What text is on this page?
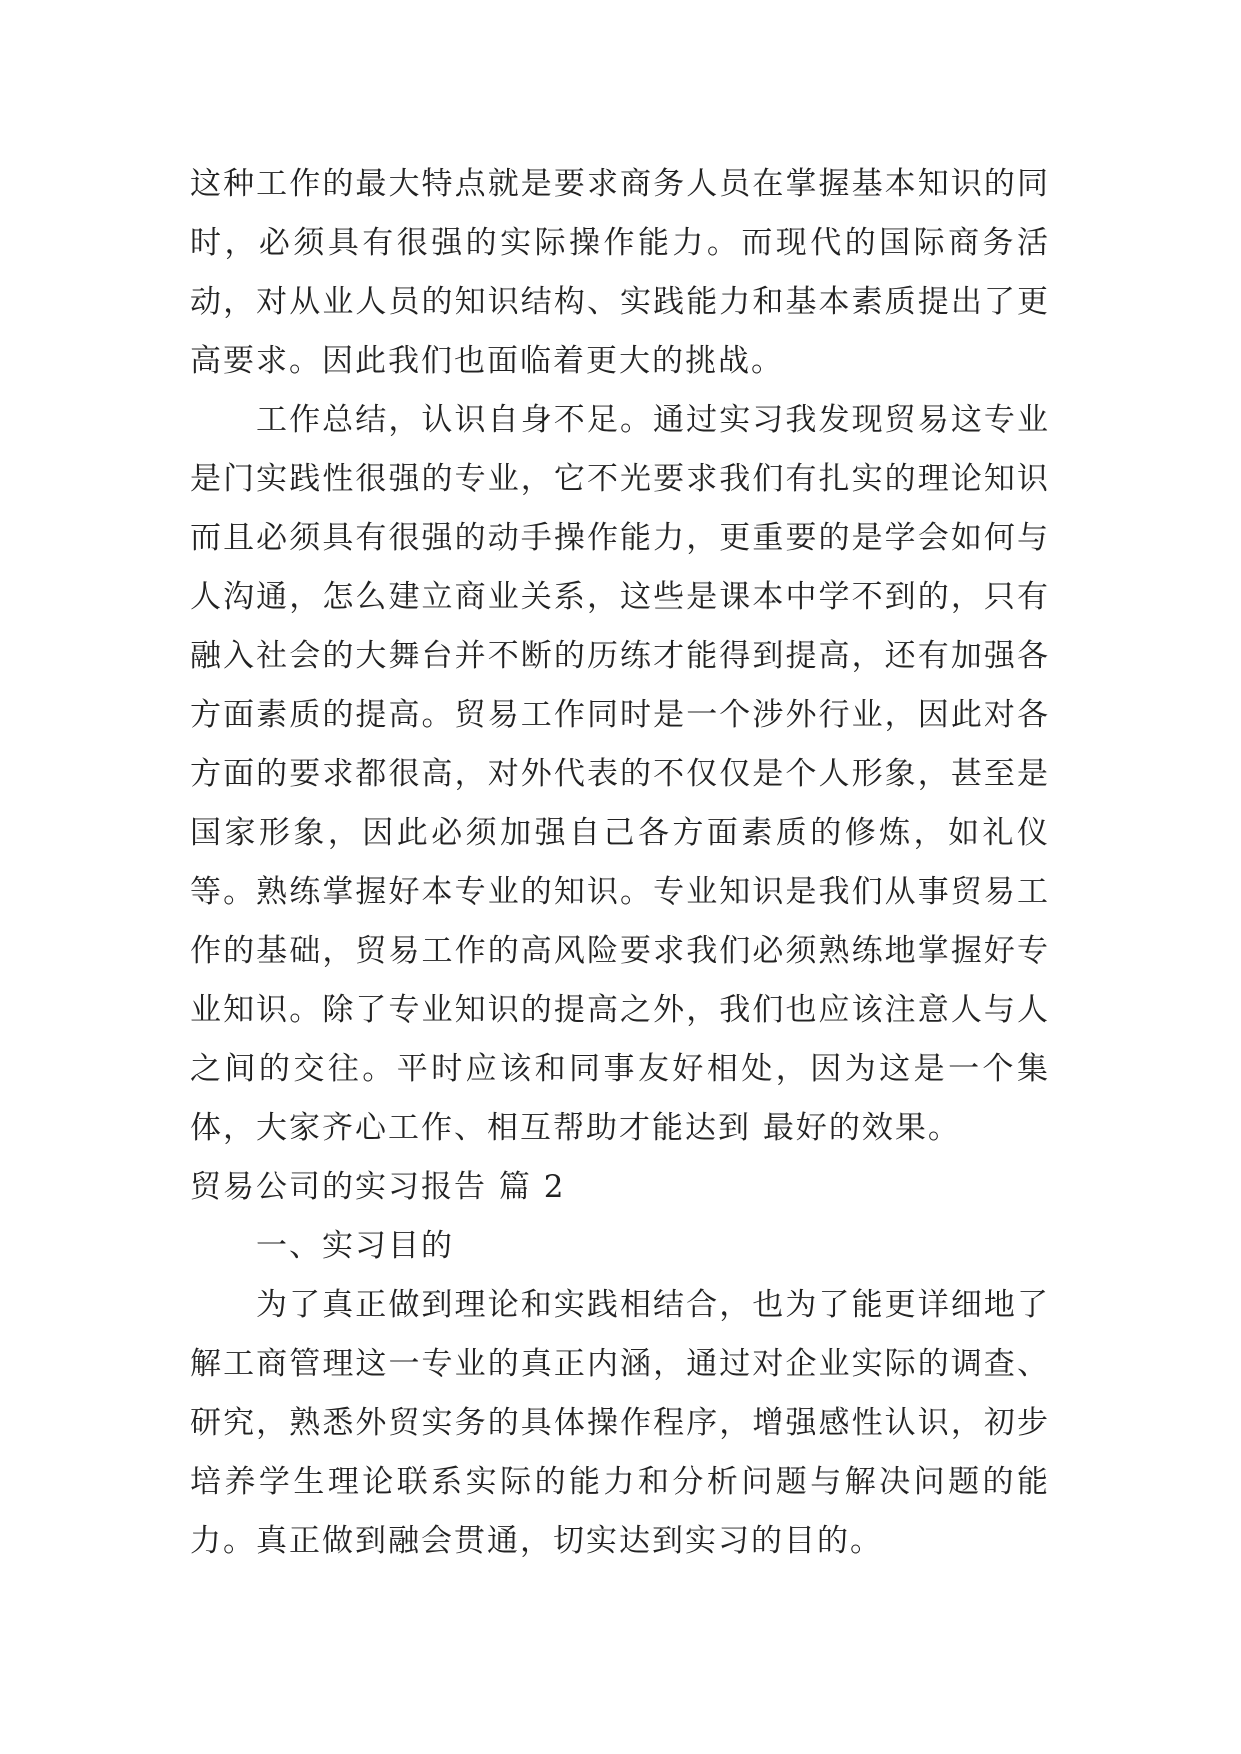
这种工作的最大特点就是要求商务人员在掌握基本知识的同时，必须具有很强的实际操作能力。而现代的国际商务活动，对从业人员的知识结构、实践能力和基本素质提出了更高要求。因此我们也面临着更大的挑战。

工作总结，认识自身不足。通过实习我发现贸易这专业是门实践性很强的专业，它不光要求我们有扎实的理论知识而且必须具有很强的动手操作能力，更重要的是学会如何与人沟通，怎么建立商业关系，这些是课本中学不到的，只有融入社会的大舞台并不断的历练才能得到提高，还有加强各方面素质的提高。贸易工作同时是一个涉外行业，因此对各方面的要求都很高，对外代表的不仅仅是个人形象，甚至是国家形象，因此必须加强自己各方面素质的修炼，如礼仪等。熟练掌握好本专业的知识。专业知识是我们从事贸易工作的基础，贸易工作的高风险要求我们必须熟练地掌握好专业知识。除了专业知识的提高之外，我们也应该注意人与人之间的交往。平时应该和同事友好相处，因为这是一个集体，大家齐心工作、相互帮助才能达到 最好的效果。

贸易公司的实习报告 篇 2

一、实习目的

为了真正做到理论和实践相结合，也为了能更详细地了解工商管理这一专业的真正内涵，通过对企业实际的调查、研究，熟悉外贸实务的具体操作程序，增强感性认识，初步培养学生理论联系实际的能力和分析问题与解决问题的能力。真正做到融会贯通，切实达到实习的目的。
